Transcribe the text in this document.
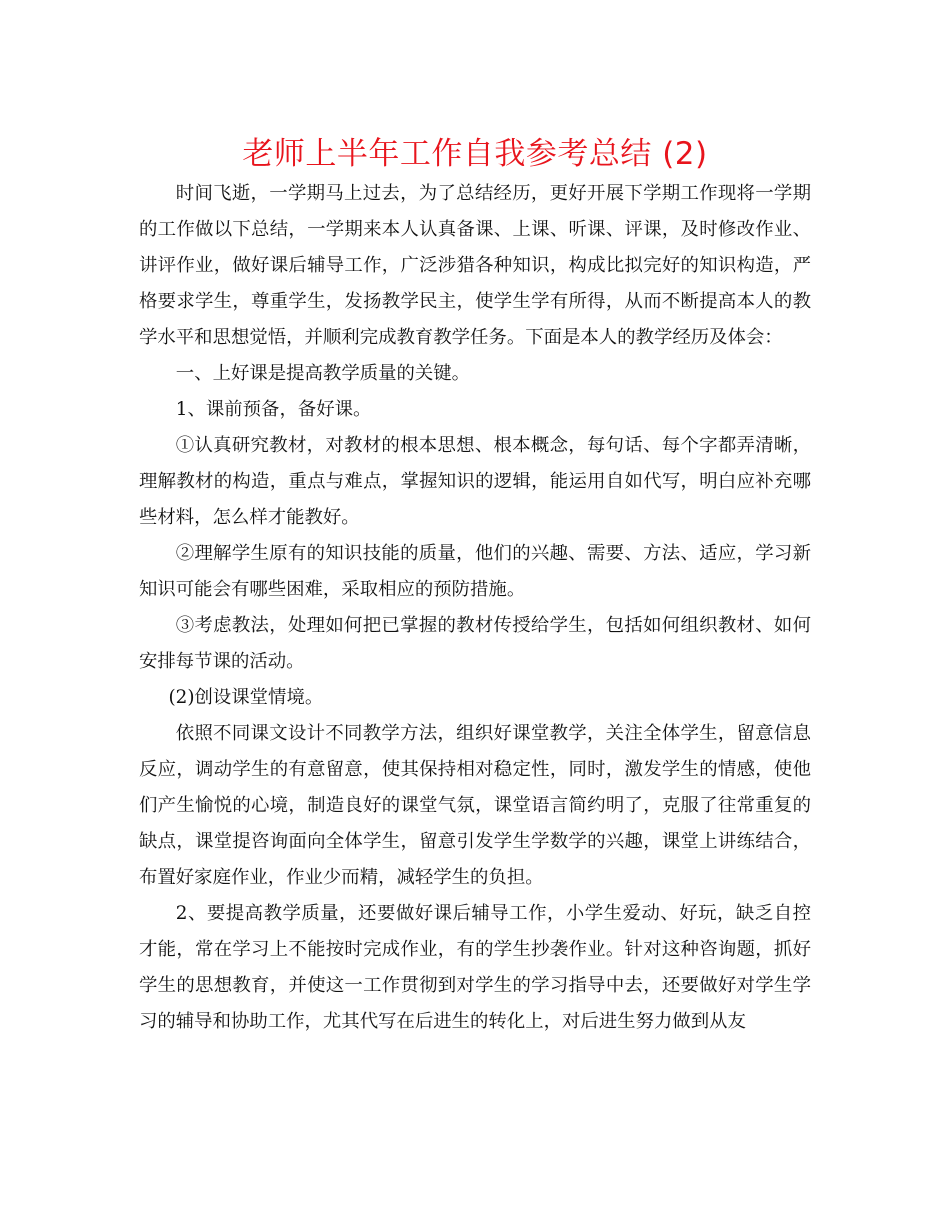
老师上半年工作自我参考总结 (2)

时间飞逝，一学期马上过去，为了总结经历，更好开展下学期工作现将一学期的工作做以下总结，一学期来本人认真备课、上课、听课、评课，及时修改作业、讲评作业，做好课后辅导工作，广泛涉猎各种知识，构成比拟完好的知识构造，严格要求学生，尊重学生，发扬教学民主，使学生学有所得，从而不断提高本人的教学水平和思想觉悟，并顺利完成教育教学任务。下面是本人的教学经历及体会：

一、上好课是提高教学质量的关键。

1、课前预备，备好课。

①认真研究教材，对教材的根本思想、根本概念，每句话、每个字都弄清晰，理解教材的构造，重点与难点，掌握知识的逻辑，能运用自如代写，明白应补充哪些材料，怎么样才能教好。

②理解学生原有的知识技能的质量，他们的兴趣、需要、方法、适应，学习新知识可能会有哪些困难，采取相应的预防措施。

③考虑教法，处理如何把已掌握的教材传授给学生，包括如何组织教材、如何安排每节课的活动。

(2)创设课堂情境。

依照不同课文设计不同教学方法，组织好课堂教学，关注全体学生，留意信息反应，调动学生的有意留意，使其保持相对稳定性，同时，激发学生的情感，使他们产生愉悦的心境，制造良好的课堂气氛，课堂语言简约明了，克服了往常重复的缺点，课堂提咨询面向全体学生，留意引发学生学数学的兴趣，课堂上讲练结合，布置好家庭作业，作业少而精，减轻学生的负担。

2、要提高教学质量，还要做好课后辅导工作，小学生爱动、好玩，缺乏自控才能，常在学习上不能按时完成作业，有的学生抄袭作业。针对这种咨询题，抓好学生的思想教育，并使这一工作贯彻到对学生的学习指导中去，还要做好对学生学习的辅导和协助工作，尤其代写在后进生的转化上，对后进生努力做到从友
